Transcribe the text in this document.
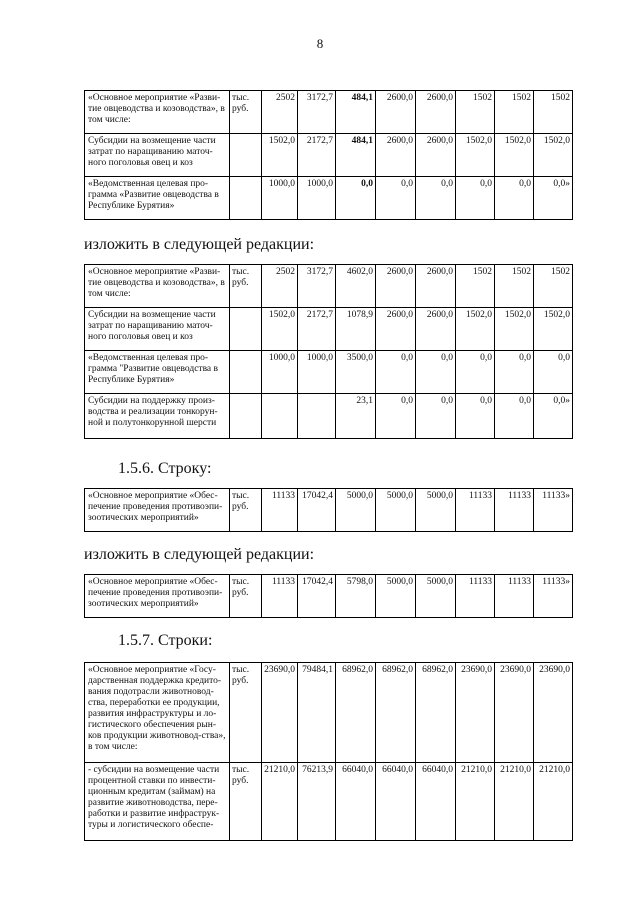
8
«Основное мероприятие «Разви-тие овцеводства и козоводства», в том числе:	тыс. руб.	2502	3172,7	484,1	2600,0	2600,0	1502	1502	1502
Субсидии на возмещение части затрат по наращиванию маточ-ного поголовья овец и коз		1502,0	2172,7	484,1	2600,0	2600,0	1502,0	1502,0	1502,0
«Ведомственная целевая про-грамма «Развитие овцеводства в Республике Бурятия»		1000,0	1000,0	0,0	0,0	0,0	0,0	0,0	0,0»
изложить в следующей редакции:
«Основное мероприятие «Разви-тие овцеводства и козоводства», в том числе:	тыс. руб.	2502	3172,7	4602,0	2600,0	2600,0	1502	1502	1502
Субсидии на возмещение части затрат по наращиванию маточ-ного поголовья овец и коз		1502,0	2172,7	1078,9	2600,0	2600,0	1502,0	1502,0	1502,0
«Ведомственная целевая про-грамма "Развитие овцеводства в Республике Бурятия»		1000,0	1000,0	3500,0	0,0	0,0	0,0	0,0	0,0
Субсидии на поддержку произ-водства и реализации тонкорун-ной и полутонкорунной шерсти				23,1	0,0	0,0	0,0	0,0	0,0»
1.5.6. Строку:
«Основное мероприятие «Обес-печение проведения противоэпи-зоотических мероприятий»	тыс. руб.	11133	17042,4	5000,0	5000,0	5000,0	11133	11133	11133»
изложить в следующей редакции:
«Основное мероприятие «Обес-печение проведения противоэпи-зоотических мероприятий»	тыс. руб.	11133	17042,4	5798,0	5000,0	5000,0	11133	11133	11133»
1.5.7. Строки:
«Основное мероприятие «Госу-дарственная поддержка кредито-вания подотрасли животновод-ства, переработки ее продукции, развития инфраструктуры и ло-гистического обеспечения рын-ков продукции животновод-ства», в том числе:	тыс. руб.	23690,0	79484,1	68962,0	68962,0	68962,0	23690,0	23690,0	23690,0
- субсидии на возмещение части процентной ставки по инвести-ционным кредитам (займам) на развитие животноводства, пере-работки и развитие инфраструк-туры и логистического обеспе-	тыс. руб.	21210,0	76213,9	66040,0	66040,0	66040,0	21210,0	21210,0	21210,0
